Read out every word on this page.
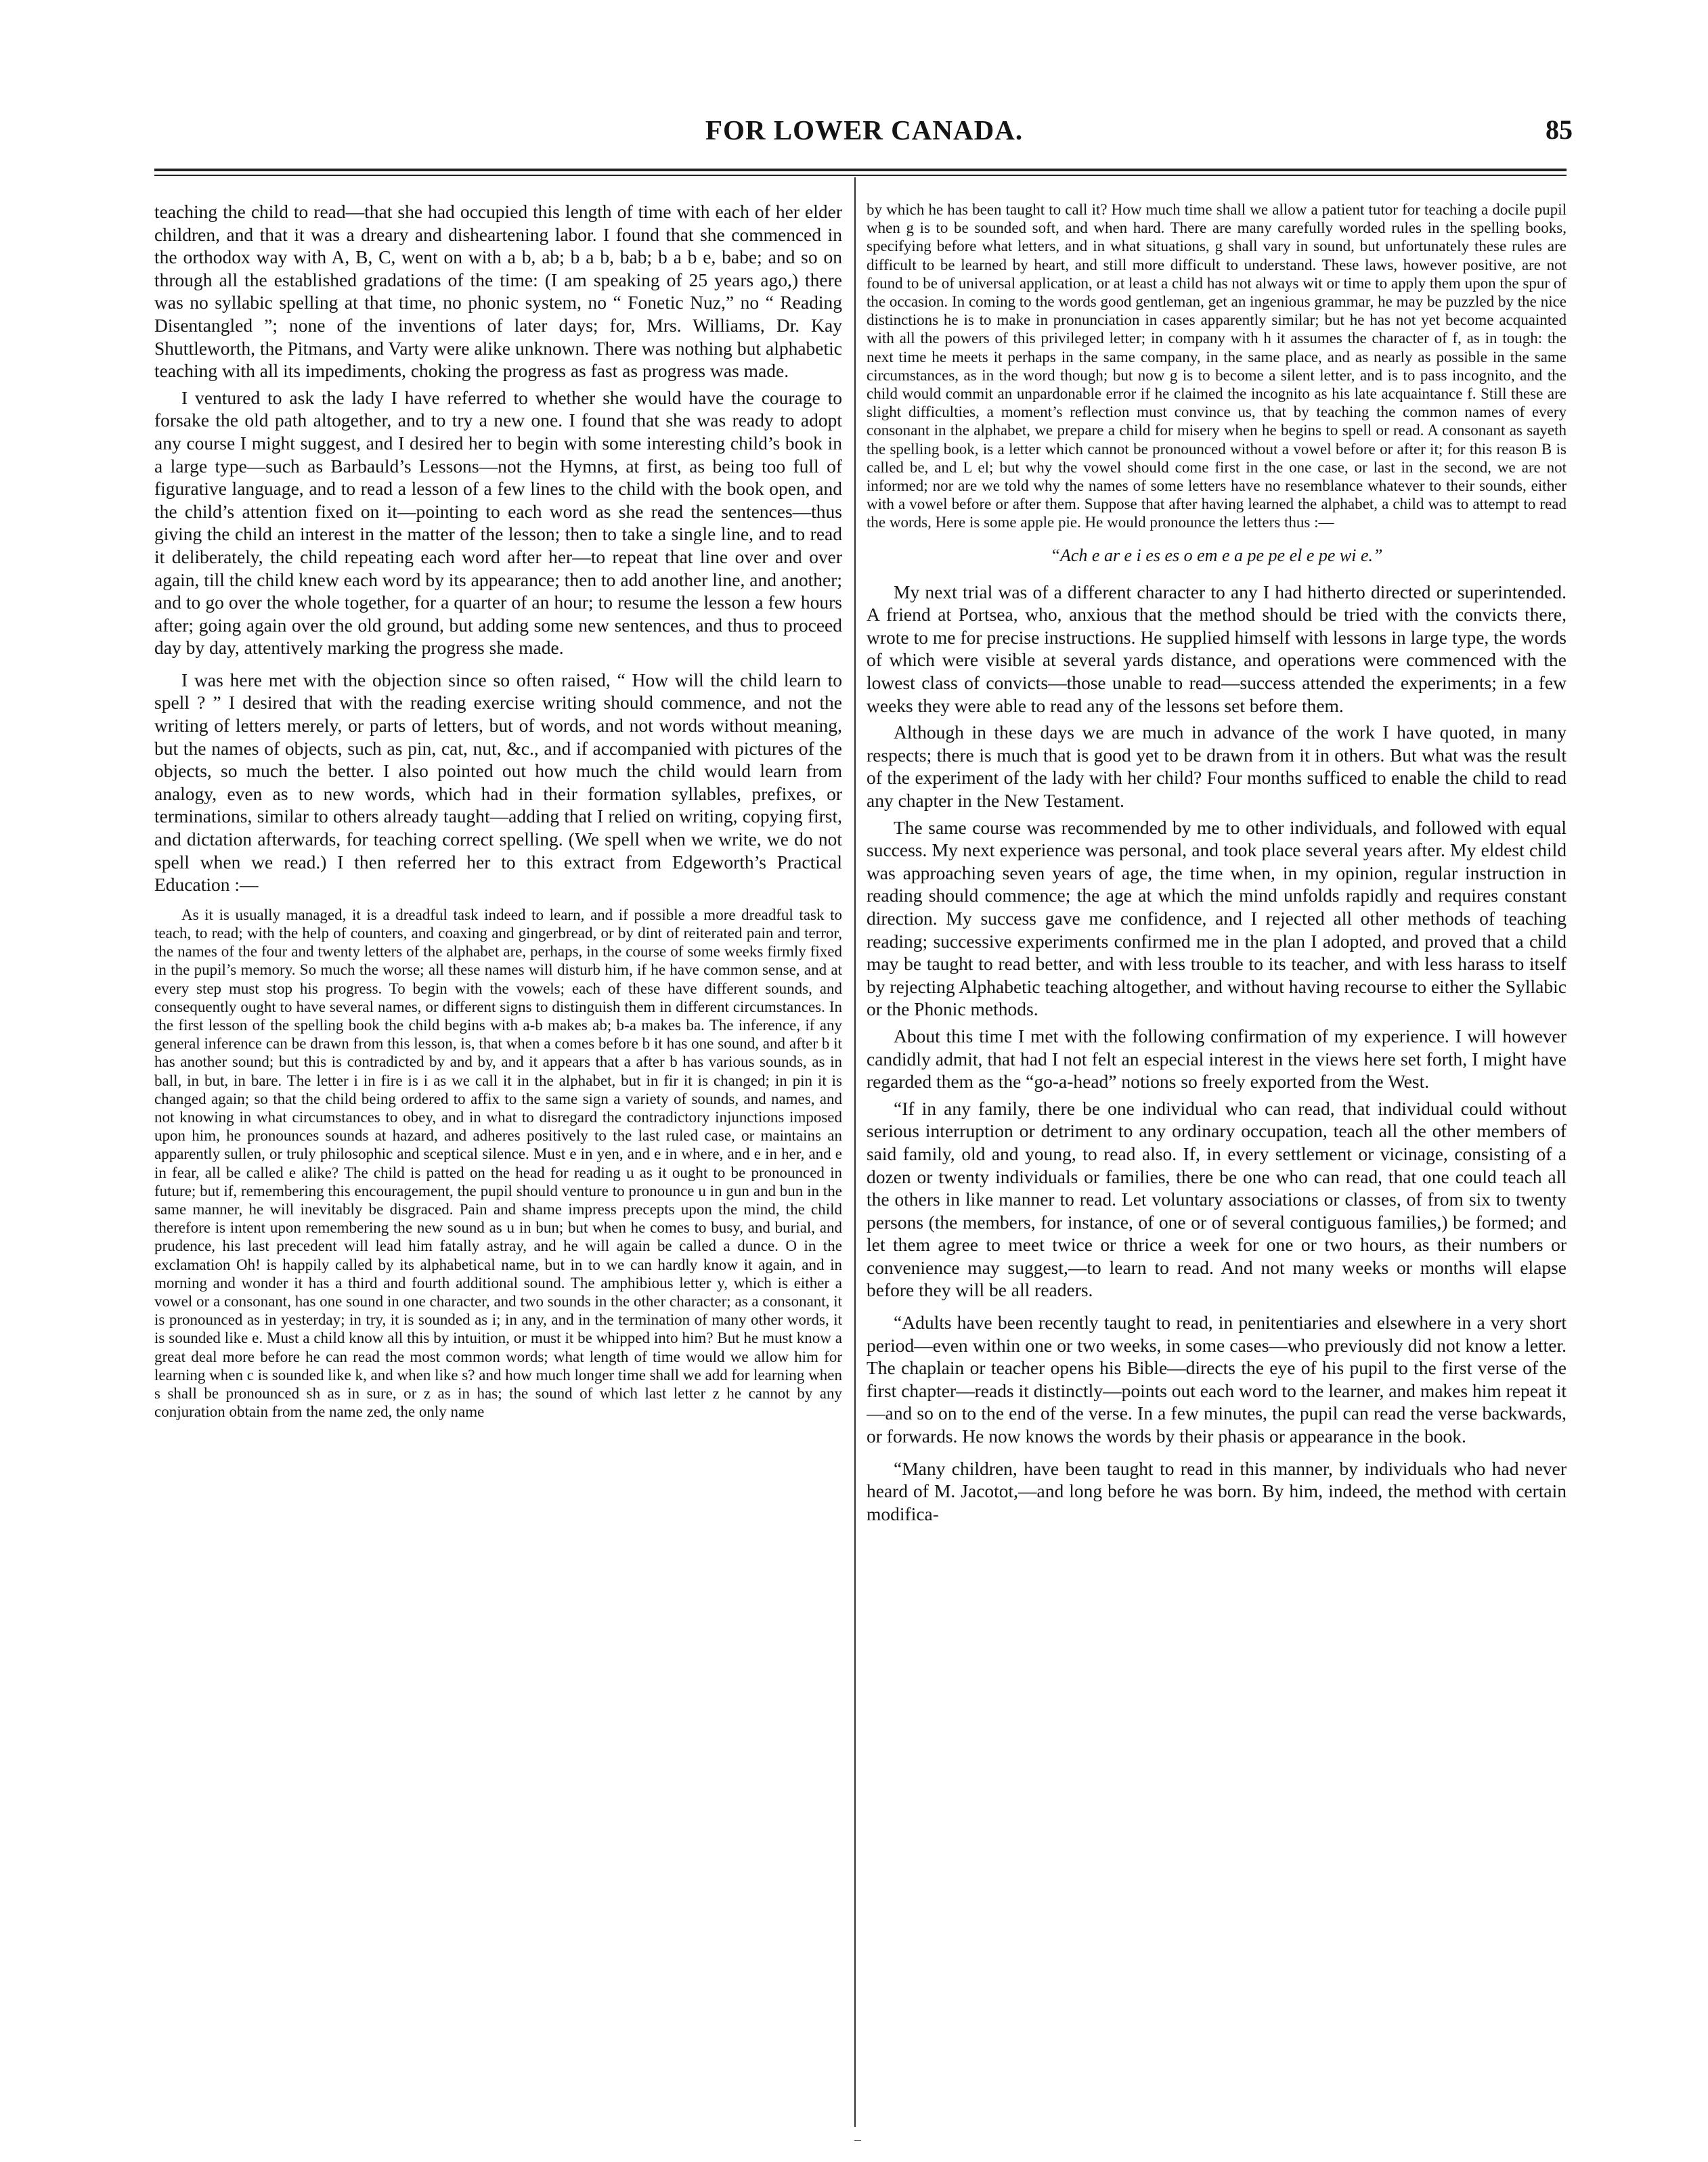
FOR LOWER CANADA.	85

teaching the child to read—that she had occupied this length of time with each of her elder children, and that it was a dreary and disheartening labor. I found that she commenced in the orthodox way with A, B, C, went on with a b, ab; b a b, bab; b a b e, babe; and so on through all the established gradations of the time: (I am speaking of 25 years ago,) there was no syllabic spelling at that time, no phonic system, no “ Fonetic Nuz,” no “ Reading Disentangled ”; none of the inventions of later days; for, Mrs. Williams, Dr. Kay Shuttleworth, the Pitmans, and Varty were alike unknown. There was nothing but alphabetic teaching with all its impediments, choking the progress as fast as progress was made.

I ventured to ask the lady I have referred to whether she would have the courage to forsake the old path altogether, and to try a new one. I found that she was ready to adopt any course I might suggest, and I desired her to begin with some interesting child’s book in a large type—such as Barbauld’s Lessons—not the Hymns, at first, as being too full of figurative language, and to read a lesson of a few lines to the child with the book open, and the child’s attention fixed on it—pointing to each word as she read the sentences—thus giving the child an interest in the matter of the lesson; then to take a single line, and to read it deliberately, the child repeating each word after her—to repeat that line over and over again, till the child knew each word by its appearance; then to add another line, and another; and to go over the whole together, for a quarter of an hour; to resume the lesson a few hours after; going again over the old ground, but adding some new sentences, and thus to proceed day by day, attentively marking the progress she made.

I was here met with the objection since so often raised, “ How will the child learn to spell ? ” I desired that with the reading exercise writing should commence, and not the writing of letters merely, or parts of letters, but of words, and not words without meaning, but the names of objects, such as pin, cat, nut, &c., and if accompanied with pictures of the objects, so much the better. I also pointed out how much the child would learn from analogy, even as to new words, which had in their formation syllables, prefixes, or terminations, similar to others already taught—adding that I relied on writing, copying first, and dictation afterwards, for teaching correct spelling. (We spell when we write, we do not spell when we read.) I then referred her to this extract from Edgeworth’s Practical Education :—

As it is usually managed, it is a dreadful task indeed to learn, and if possible a more dreadful task to teach, to read; with the help of counters, and coaxing and gingerbread, or by dint of reiterated pain and terror, the names of the four and twenty letters of the alphabet are, perhaps, in the course of some weeks firmly fixed in the pupil’s memory. So much the worse; all these names will disturb him, if he have common sense, and at every step must stop his progress. To begin with the vowels; each of these have different sounds, and consequently ought to have several names, or different signs to distinguish them in different circumstances. In the first lesson of the spelling book the child begins with a-b makes ab; b-a makes ba. The inference, if any general inference can be drawn from this lesson, is, that when a comes before b it has one sound, and after b it has another sound; but this is contradicted by and by, and it appears that a after b has various sounds, as in ball, in but, in bare. The letter i in fire is i as we call it in the alphabet, but in fir it is changed; in pin it is changed again; so that the child being ordered to affix to the same sign a variety of sounds, and names, and not knowing in what circumstances to obey, and in what to disregard the contradictory injunctions imposed upon him, he pronounces sounds at hazard, and adheres positively to the last ruled case, or maintains an apparently sullen, or truly philosophic and sceptical silence. Must e in yen, and e in where, and e in her, and e in fear, all be called e alike? The child is patted on the head for reading u as it ought to be pronounced in future; but if, remembering this encouragement, the pupil should venture to pronounce u in gun and bun in the same manner, he will inevitably be disgraced. Pain and shame impress precepts upon the mind, the child therefore is intent upon remembering the new sound as u in bun; but when he comes to busy, and burial, and prudence, his last precedent will lead him fatally astray, and he will again be called a dunce. O in the exclamation Oh! is happily called by its alphabetical name, but in to we can hardly know it again, and in morning and wonder it has a third and fourth additional sound. The amphibious letter y, which is either a vowel or a consonant, has one sound in one character, and two sounds in the other character; as a consonant, it is pronounced as in yesterday; in try, it is sounded as i; in any, and in the termination of many other words, it is sounded like e. Must a child know all this by intuition, or must it be whipped into him? But he must know a great deal more before he can read the most common words; what length of time would we allow him for learning when c is sounded like k, and when like s? and how much longer time shall we add for learning when s shall be pronounced sh as in sure, or z as in has; the sound of which last letter z he cannot by any conjuration obtain from the name zed, the only name

by which he has been taught to call it? How much time shall we allow a patient tutor for teaching a docile pupil when g is to be sounded soft, and when hard. There are many carefully worded rules in the spelling books, specifying before what letters, and in what situations, g shall vary in sound, but unfortunately these rules are difficult to be learned by heart, and still more difficult to understand. These laws, however positive, are not found to be of universal application, or at least a child has not always wit or time to apply them upon the spur of the occasion. In coming to the words good gentleman, get an ingenious grammar, he may be puzzled by the nice distinctions he is to make in pronunciation in cases apparently similar; but he has not yet become acquainted with all the powers of this privileged letter; in company with h it assumes the character of f, as in tough: the next time he meets it perhaps in the same company, in the same place, and as nearly as possible in the same circumstances, as in the word though; but now g is to become a silent letter, and is to pass incognito, and the child would commit an unpardonable error if he claimed the incognito as his late acquaintance f. Still these are slight difficulties, a moment’s reflection must convince us, that by teaching the common names of every consonant in the alphabet, we prepare a child for misery when he begins to spell or read. A consonant as sayeth the spelling book, is a letter which cannot be pronounced without a vowel before or after it; for this reason B is called be, and L el; but why the vowel should come first in the one case, or last in the second, we are not informed; nor are we told why the names of some letters have no resemblance whatever to their sounds, either with a vowel before or after them. Suppose that after having learned the alphabet, a child was to attempt to read the words, Here is some apple pie. He would pronounce the letters thus :—

“Ach e ar e i es es o em e a pe pe el e pe wi e.”

My next trial was of a different character to any I had hitherto directed or superintended. A friend at Portsea, who, anxious that the method should be tried with the convicts there, wrote to me for precise instructions. He supplied himself with lessons in large type, the words of which were visible at several yards distance, and operations were commenced with the lowest class of convicts—those unable to read—success attended the experiments; in a few weeks they were able to read any of the lessons set before them.

Although in these days we are much in advance of the work I have quoted, in many respects; there is much that is good yet to be drawn from it in others. But what was the result of the experiment of the lady with her child? Four months sufficed to enable the child to read any chapter in the New Testament.

The same course was recommended by me to other individuals, and followed with equal success. My next experience was personal, and took place several years after. My eldest child was approaching seven years of age, the time when, in my opinion, regular instruction in reading should commence; the age at which the mind unfolds rapidly and requires constant direction. My success gave me confidence, and I rejected all other methods of teaching reading; successive experiments confirmed me in the plan I adopted, and proved that a child may be taught to read better, and with less trouble to its teacher, and with less harass to itself by rejecting Alphabetic teaching altogether, and without having recourse to either the Syllabic or the Phonic methods.

About this time I met with the following confirmation of my experience. I will however candidly admit, that had I not felt an especial interest in the views here set forth, I might have regarded them as the “go-a-head” notions so freely exported from the West.

“If in any family, there be one individual who can read, that individual could without serious interruption or detriment to any ordinary occupation, teach all the other members of said family, old and young, to read also. If, in every settlement or vicinage, consisting of a dozen or twenty individuals or families, there be one who can read, that one could teach all the others in like manner to read. Let voluntary associations or classes, of from six to twenty persons (the members, for instance, of one or of several contiguous families,) be formed; and let them agree to meet twice or thrice a week for one or two hours, as their numbers or convenience may suggest,—to learn to read. And not many weeks or months will elapse before they will be all readers.

“Adults have been recently taught to read, in penitentiaries and elsewhere in a very short period—even within one or two weeks, in some cases—who previously did not know a letter. The chaplain or teacher opens his Bible—directs the eye of his pupil to the first verse of the first chapter—reads it distinctly—points out each word to the learner, and makes him repeat it—and so on to the end of the verse. In a few minutes, the pupil can read the verse backwards, or forwards. He now knows the words by their phasis or appearance in the book.

“Many children, have been taught to read in this manner, by individuals who had never heard of M. Jacotot,—and long before he was born. By him, indeed, the method with certain modifica-

–
